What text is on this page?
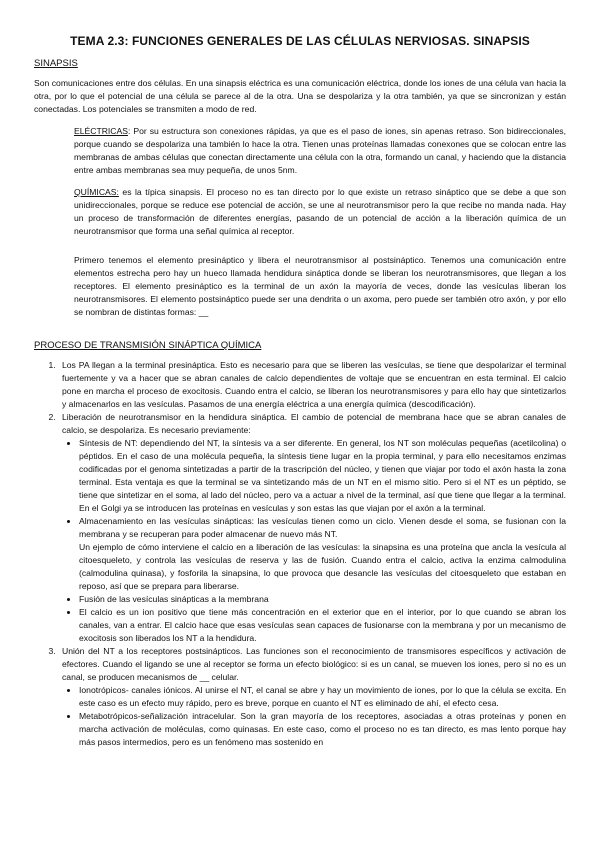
TEMA 2.3: FUNCIONES GENERALES DE LAS CÉLULAS NERVIOSAS. SINAPSIS
SINAPSIS

Son comunicaciones entre dos células. En una sinapsis eléctrica es una comunicación eléctrica, donde los iones de una célula van hacia la otra, por lo que el potencial de una célula se parece al de la otra. Una se despolariza y la otra también, ya que se sincronizan y están conectadas. Los potenciales se transmiten a modo de red.

ELÉCTRICAS: Por su estructura son conexiones rápidas, ya que es el paso de iones, sin apenas retraso. Son bidireccionales, porque cuando se despolariza una también lo hace la otra. Tienen unas proteínas llamadas conexones que se colocan entre las membranas de ambas células que conectan directamente una célula con la otra, formando un canal, y haciendo que la distancia entre ambas membranas sea muy pequeña, de unos 5nm.

QUÍMICAS: es la típica sinapsis. El proceso no es tan directo por lo que existe un retraso sináptico que se debe a que son unidireccionales, porque se reduce ese potencial de acción, se une al neurotransmisor pero la que recibe no manda nada. Hay un proceso de transformación de diferentes energías, pasando de un potencial de acción a la liberación química de un neurotransmisor que forma una señal química al receptor.

Primero tenemos el elemento presináptico y libera el neurotransmisor al postsináptico. Tenemos una comunicación entre elementos estrecha pero hay un hueco llamada hendidura sináptica donde se liberan los neurotransmisores, que llegan a los receptores. El elemento presináptico es la terminal de un axón la mayoría de veces, donde las vesículas liberan los neurotransmisores. El elemento postsináptico puede ser una dendrita o un axoma, pero puede ser también otro axón, y por ello se nombran de distintas formas: __

PROCESO DE TRANSMISIÓN SINÁPTICA QUÍMICA
1. Los PA llegan a la terminal presináptica. Esto es necesario para que se liberen las vesículas, se tiene que despolarizar el terminal fuertemente y va a hacer que se abran canales de calcio dependientes de voltaje que se encuentran en esta terminal. El calcio pone en marcha el proceso de exocitosis. Cuando entra el calcio, se liberan los neurotransmisores y para ello hay que sintetizarlos y almacenarlos en las vesículas. Pasamos de una energía eléctrica a una energía química (descodificación).
2. Liberación de neurotransmisor en la hendidura sináptica. El cambio de potencial de membrana hace que se abran canales de calcio, se despolariza. Es necesario previamente:
• Síntesis de NT: dependiendo del NT, la síntesis va a ser diferente. En general, los NT son moléculas pequeñas (acetilcolina) o péptidos. En el caso de una molécula pequeña, la síntesis tiene lugar en la propia terminal, y para ello necesitamos enzimas codificadas por el genoma sintetizadas a partir de la trascripción del núcleo, y tienen que viajar por todo el axón hasta la zona terminal. Esta ventaja es que la terminal se va sintetizando más de un NT en el mismo sitio. Pero si el NT es un péptido, se tiene que sintetizar en el soma, al lado del núcleo, pero va a actuar a nivel de la terminal, así que tiene que llegar a la terminal. En el Golgi ya se introducen las proteínas en vesículas y son estas las que viajan por el axón a la terminal.
• Almacenamiento en las vesículas sinápticas: las vesículas tienen como un ciclo. Vienen desde el soma, se fusionan con la membrana y se recuperan para poder almacenar de nuevo más NT.
Un ejemplo de cómo interviene el calcio en a liberación de las vesículas: la sinapsina es una proteína que ancla la vesícula al citoesqueleto, y controla las vesículas de reserva y las de fusión. Cuando entra el calcio, activa la enzima calmodulina (calmodulina quinasa), y fosforila la sinapsina, lo que provoca que desancle las vesículas del citoesqueleto que estaban en reposo, así que se prepara para liberarse.
• Fusión de las vesículas sinápticas a la membrana
• El calcio es un ion positivo que tiene más concentración en el exterior que en el interior, por lo que cuando se abran los canales, van a entrar. El calcio hace que esas vesículas sean capaces de fusionarse con la membrana y por un mecanismo de exocitosis son liberados los NT a la hendidura.
3. Unión del NT a los receptores postsinápticos. Las funciones son el reconocimiento de transmisores específicos y activación de efectores. Cuando el ligando se une al receptor se forma un efecto biológico: si es un canal, se mueven los iones, pero si no es un canal, se producen mecanismos de __ celular.
• Ionotrópicos- canales iónicos. Al unirse el NT, el canal se abre y hay un movimiento de iones, por lo que la célula se excita. En este caso es un efecto muy rápido, pero es breve, porque en cuanto el NT es eliminado de ahí, el efecto cesa.
• Metabotrópicos-señalización intracelular. Son la gran mayoría de los receptores, asociadas a otras proteínas y ponen en marcha activación de moléculas, como quinasas. En este caso, como el proceso no es tan directo, es mas lento porque hay más pasos intermedios, pero es un fenómeno mas sostenido en
